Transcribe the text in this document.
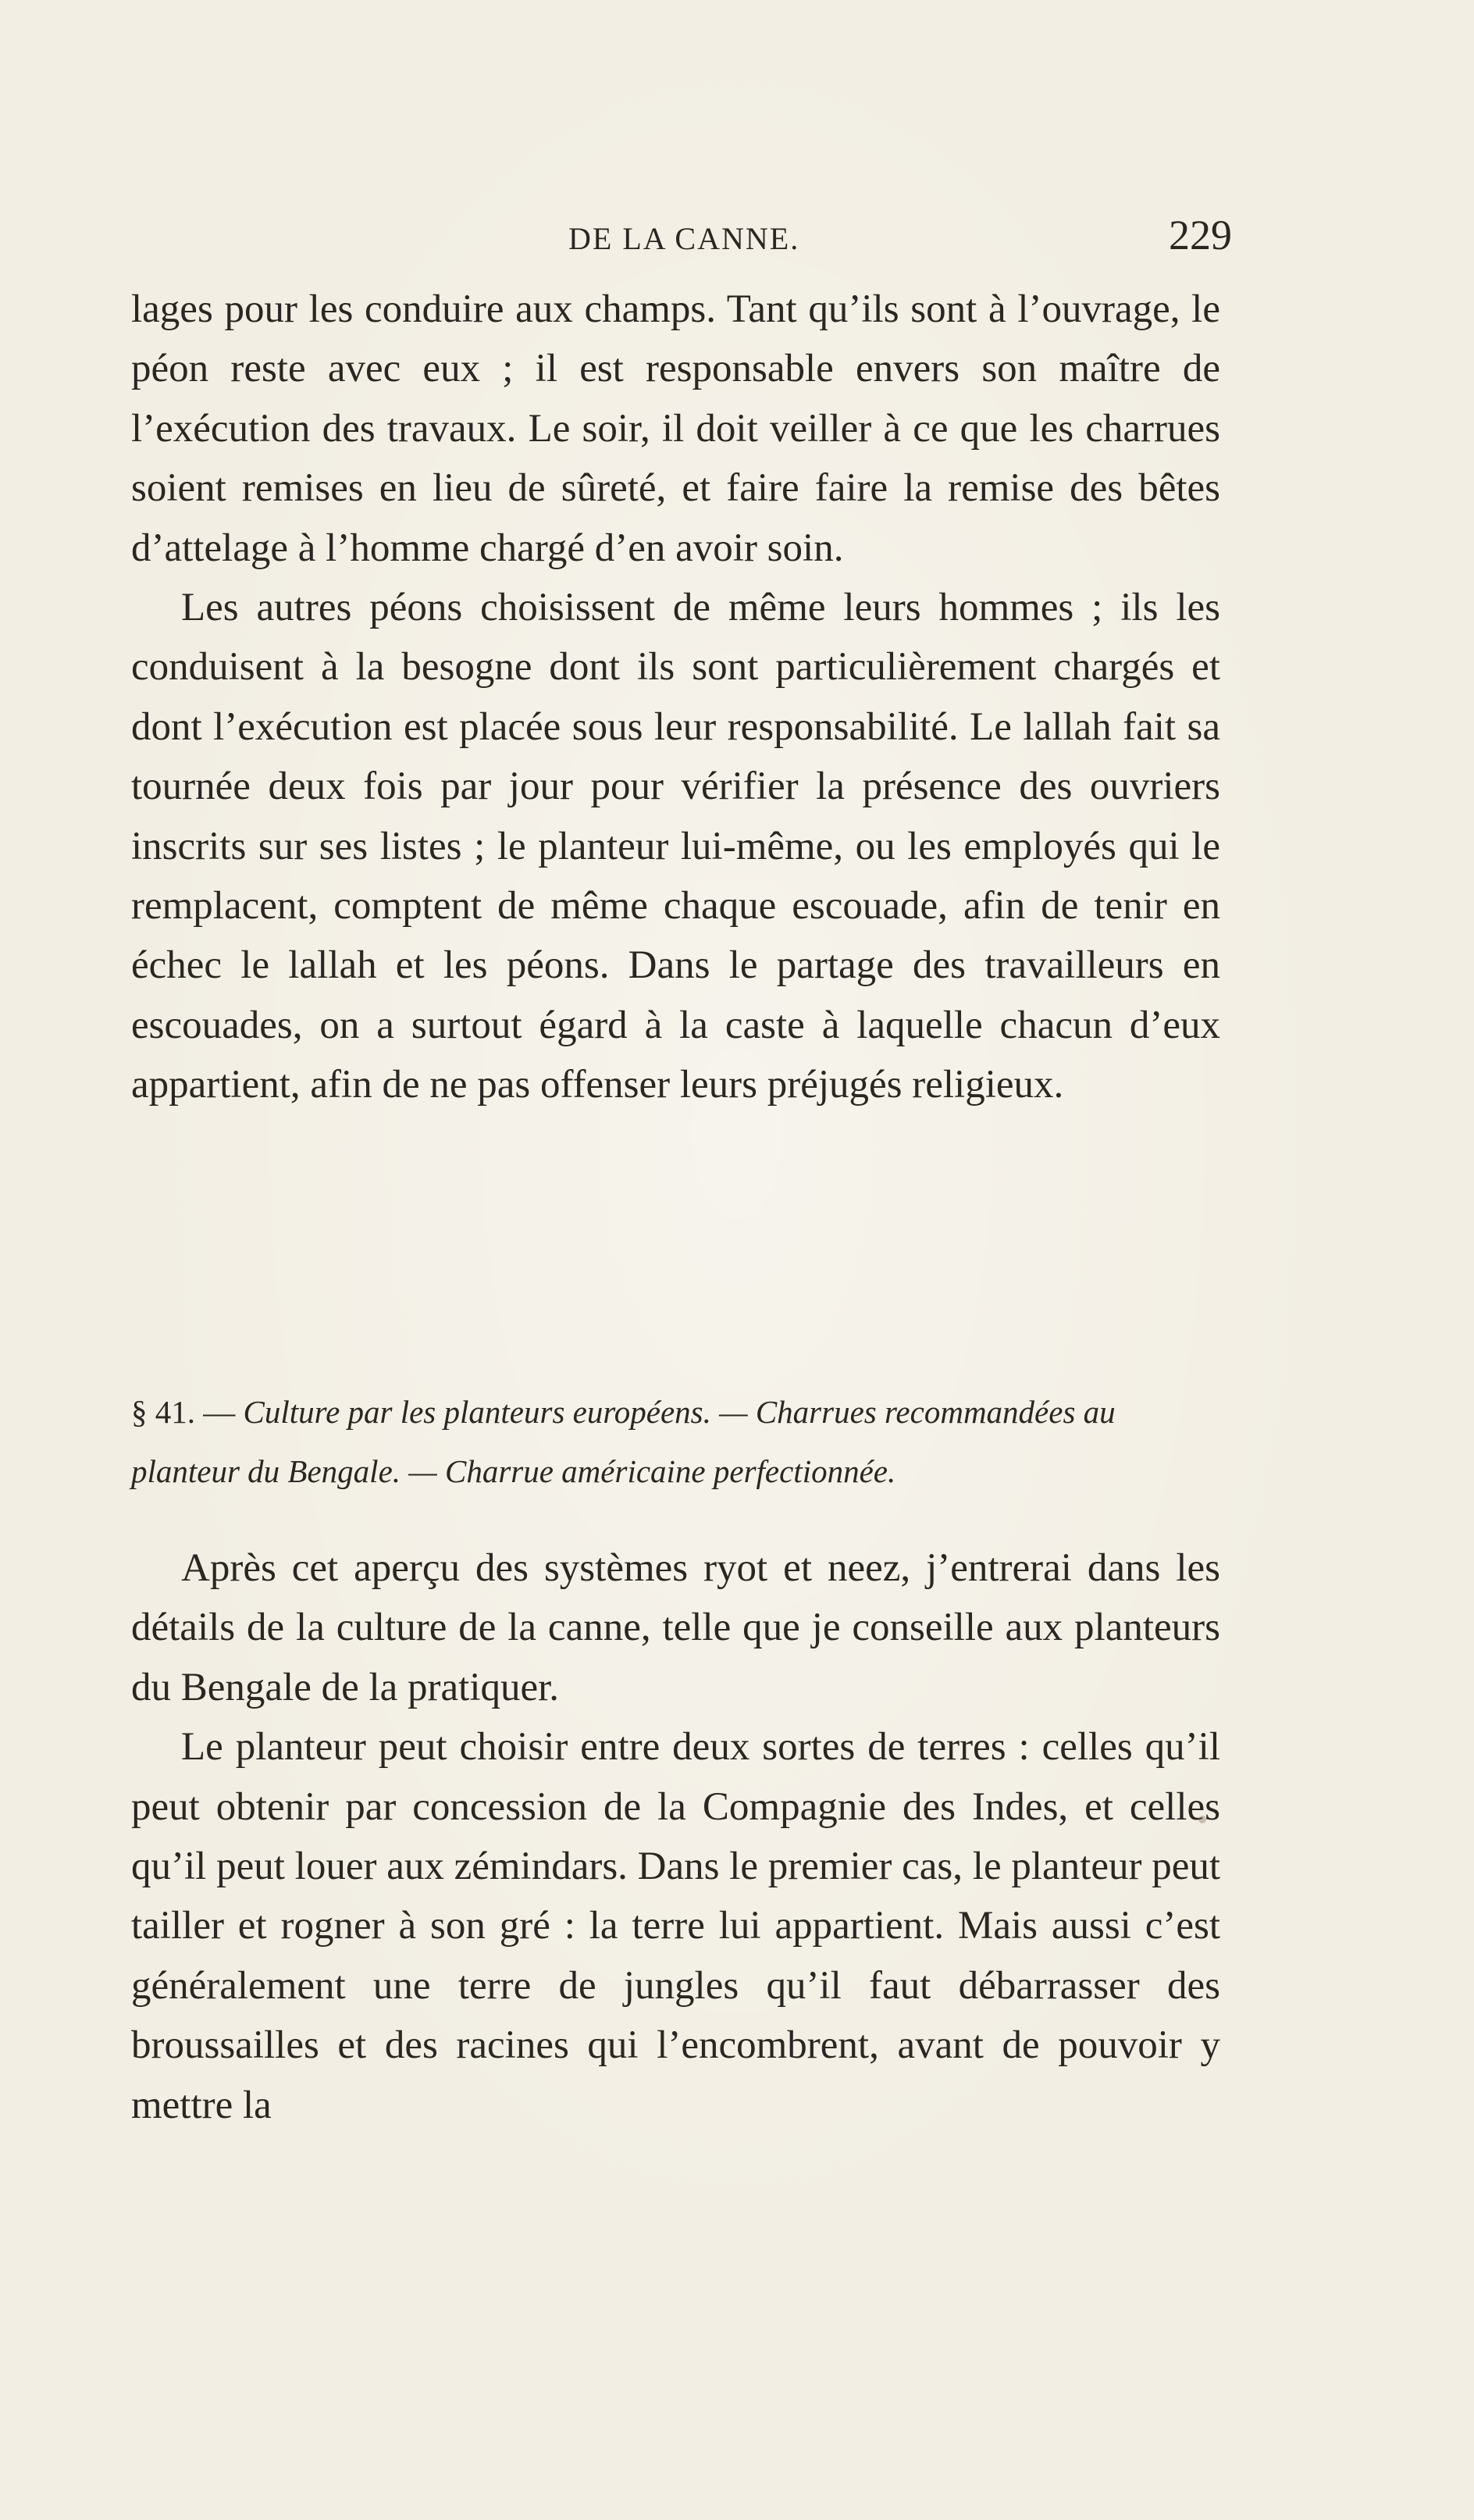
DE LA CANNE.	229

lages pour les conduire aux champs. Tant qu’ils sont à l’ouvrage, le péon reste avec eux ; il est responsable envers son maître de l’exécution des travaux. Le soir, il doit veiller à ce que les charrues soient remises en lieu de sûreté, et faire faire la remise des bêtes d’attelage à l’homme chargé d’en avoir soin.

Les autres péons choisissent de même leurs hommes ; ils les conduisent à la besogne dont ils sont particulièrement chargés et dont l’exécution est placée sous leur responsabilité. Le lallah fait sa tournée deux fois par jour pour vérifier la présence des ouvriers inscrits sur ses listes ; le planteur lui-même, ou les employés qui le remplacent, comptent de même chaque escouade, afin de tenir en échec le lallah et les péons. Dans le partage des travailleurs en escouades, on a surtout égard à la caste à laquelle chacun d’eux appartient, afin de ne pas offenser leurs préjugés religieux.

§ 41. — Culture par les planteurs européens. — Charrues recommandées au planteur du Bengale. — Charrue américaine perfectionnée.

Après cet aperçu des systèmes ryot et neez, j’entrerai dans les détails de la culture de la canne, telle que je conseille aux planteurs du Bengale de la pratiquer.

Le planteur peut choisir entre deux sortes de terres : celles qu’il peut obtenir par concession de la Compagnie des Indes, et celles qu’il peut louer aux zémindars. Dans le premier cas, le planteur peut tailler et rogner à son gré : la terre lui appartient. Mais aussi c’est généralement une terre de jungles qu’il faut débarrasser des broussailles et des racines qui l’encombrent, avant de pouvoir y mettre la
